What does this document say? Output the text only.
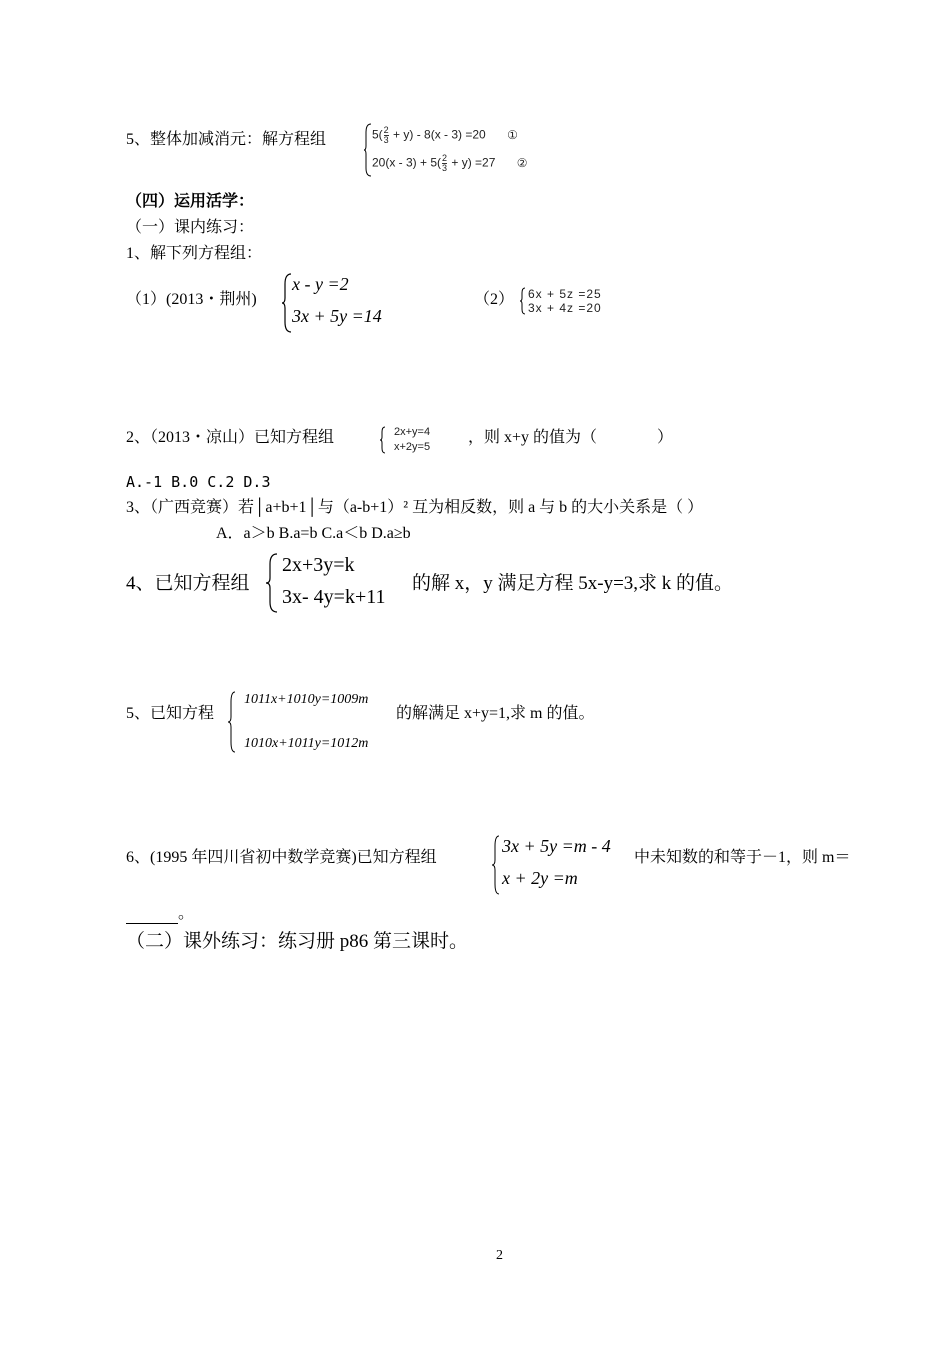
5、整体加减消元：解方程组	$5( \frac{2}{3} + y) - 8(x - 3) =20$ ①
$20(x - 3) + 5( \frac{2}{3} + y) =27$ ②
（四）运用活学：
（一）课内练习：
1、解下列方程组：
（1）(2013・荆州)
x - y =2
3x + 5y =14
（2） 6x + 5z =25
3x + 4z =20
2、（2013・凉山）已知方程组	2x+y=4
x+2y=5
，则 x+y 的值为（	）
A.-1 B.0 C.2 D.3
3、（广西竞赛）若│a+b+1│与（a-b+1）² 互为相反数，则 a 与 b 的大小关系是（ ）
A．a＞b B.a=b C.a＜b D.a≥b
4、已知方程组
2x+3y=k
3x- 4y=k+11
的解 x，y 满足方程 5x-y=3,求 k 的值。
5、已知方程
1011x+1010y=1009m
1010x+1011y=1012m
的解满足 x+y=1,求 m 的值。
6、(1995 年四川省初中数学竞赛)已知方程组
3x + 5y =m - 4
x + 2y =m
中未知数的和等于－1，则 m＝
。
（二）课外练习：练习册 p86 第三课时。
2
